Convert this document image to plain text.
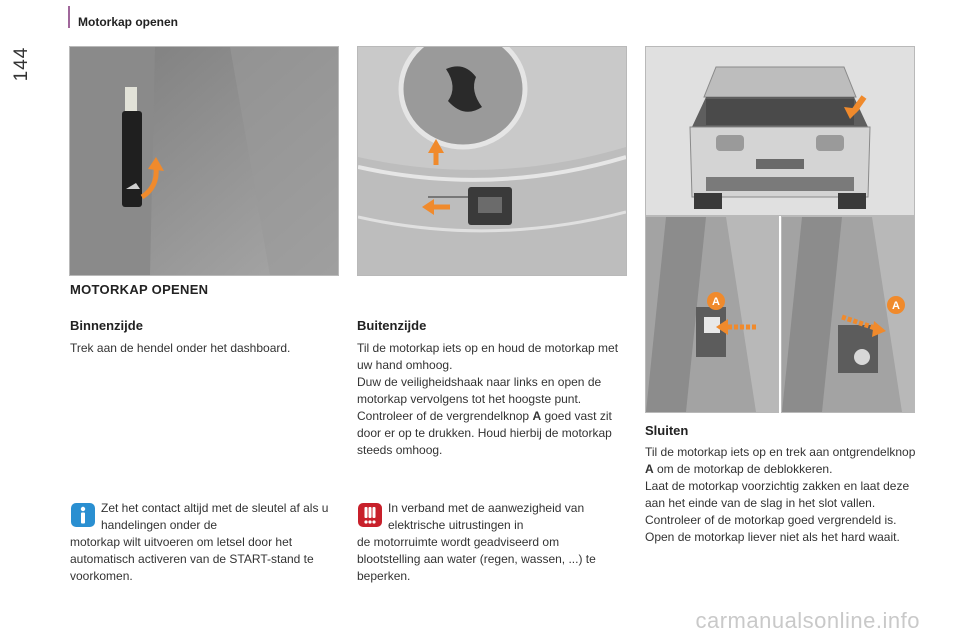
144
Motorkap openen
A	A
MOTORKAP OPENEN
Binnenzijde
Trek aan de hendel onder het dashboard.
Buitenzijde

Til de motorkap iets op en houd de motorkap met uw hand omhoog.

Duw de veiligheidshaak naar links en open de motorkap vervolgens tot het hoogste punt.

Controleer of de vergrendelknop A goed vast zit door er op te drukken. Houd hierbij de motorkap steeds omhoog.

Sluiten

Til de motorkap iets op en trek aan ontgrendelknop A om de motorkap de deblokkeren.

Laat de motorkap voorzichtig zakken en laat deze aan het einde van de slag in het slot vallen. Controleer of de motorkap goed vergrendeld is.

Open de motorkap liever niet als het hard waait.

Zet het contact altijd met de sleutel af als u handelingen onder de
motorkap wilt uitvoeren om letsel door het automatisch activeren van de START-stand te voorkomen.
In verband met de aanwezigheid van elektrische uitrustingen in
de motorruimte wordt geadviseerd om blootstelling aan water (regen, wassen, ...) te beperken.
carmanualsonline.info
